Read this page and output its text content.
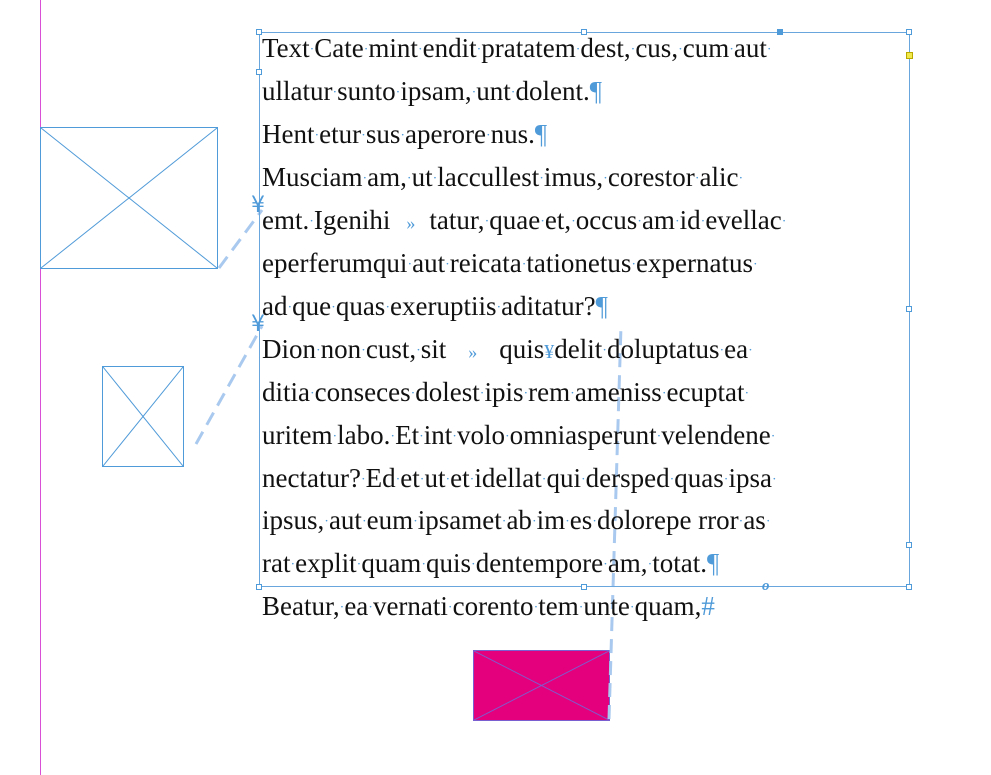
Text·Cate·mint·endit·pratatem·dest,·cus,·cum·aut·
ullatur·sunto·ipsam,·unt·dolent.¶
Hent·etur·sus·aperore·nus.¶
Musciam·am,·ut·laccullest·imus,·corestor·alic·
emt.·Igenihi » tatur,·quae·et,·occus·am·id·evellac·
eperferumqui·aut·reicata·tationetus·expernatus·
ad·que·quas·exeruptiis·aditatur?¶
Dion·non·cust,·sit » quis¥delit·doluptatus·ea·
ditia·conseces·dolest·ipis·rem·ameniss·ecuptat·
uritem·labo.·Et·int·volo·omniasperunt·velendene·
nectatur?·Ed·et·ut·et·idellat·qui·dersped·quas·ipsa·
ipsus,·aut·eum·ipsamet·ab·im·es·dolorepe rror·as·
rat·explit·quam·quis·dentempore·am,·totat.¶
Beatur,·ea·vernati·corento·tem·unte·quam,#
¥
¥
o
